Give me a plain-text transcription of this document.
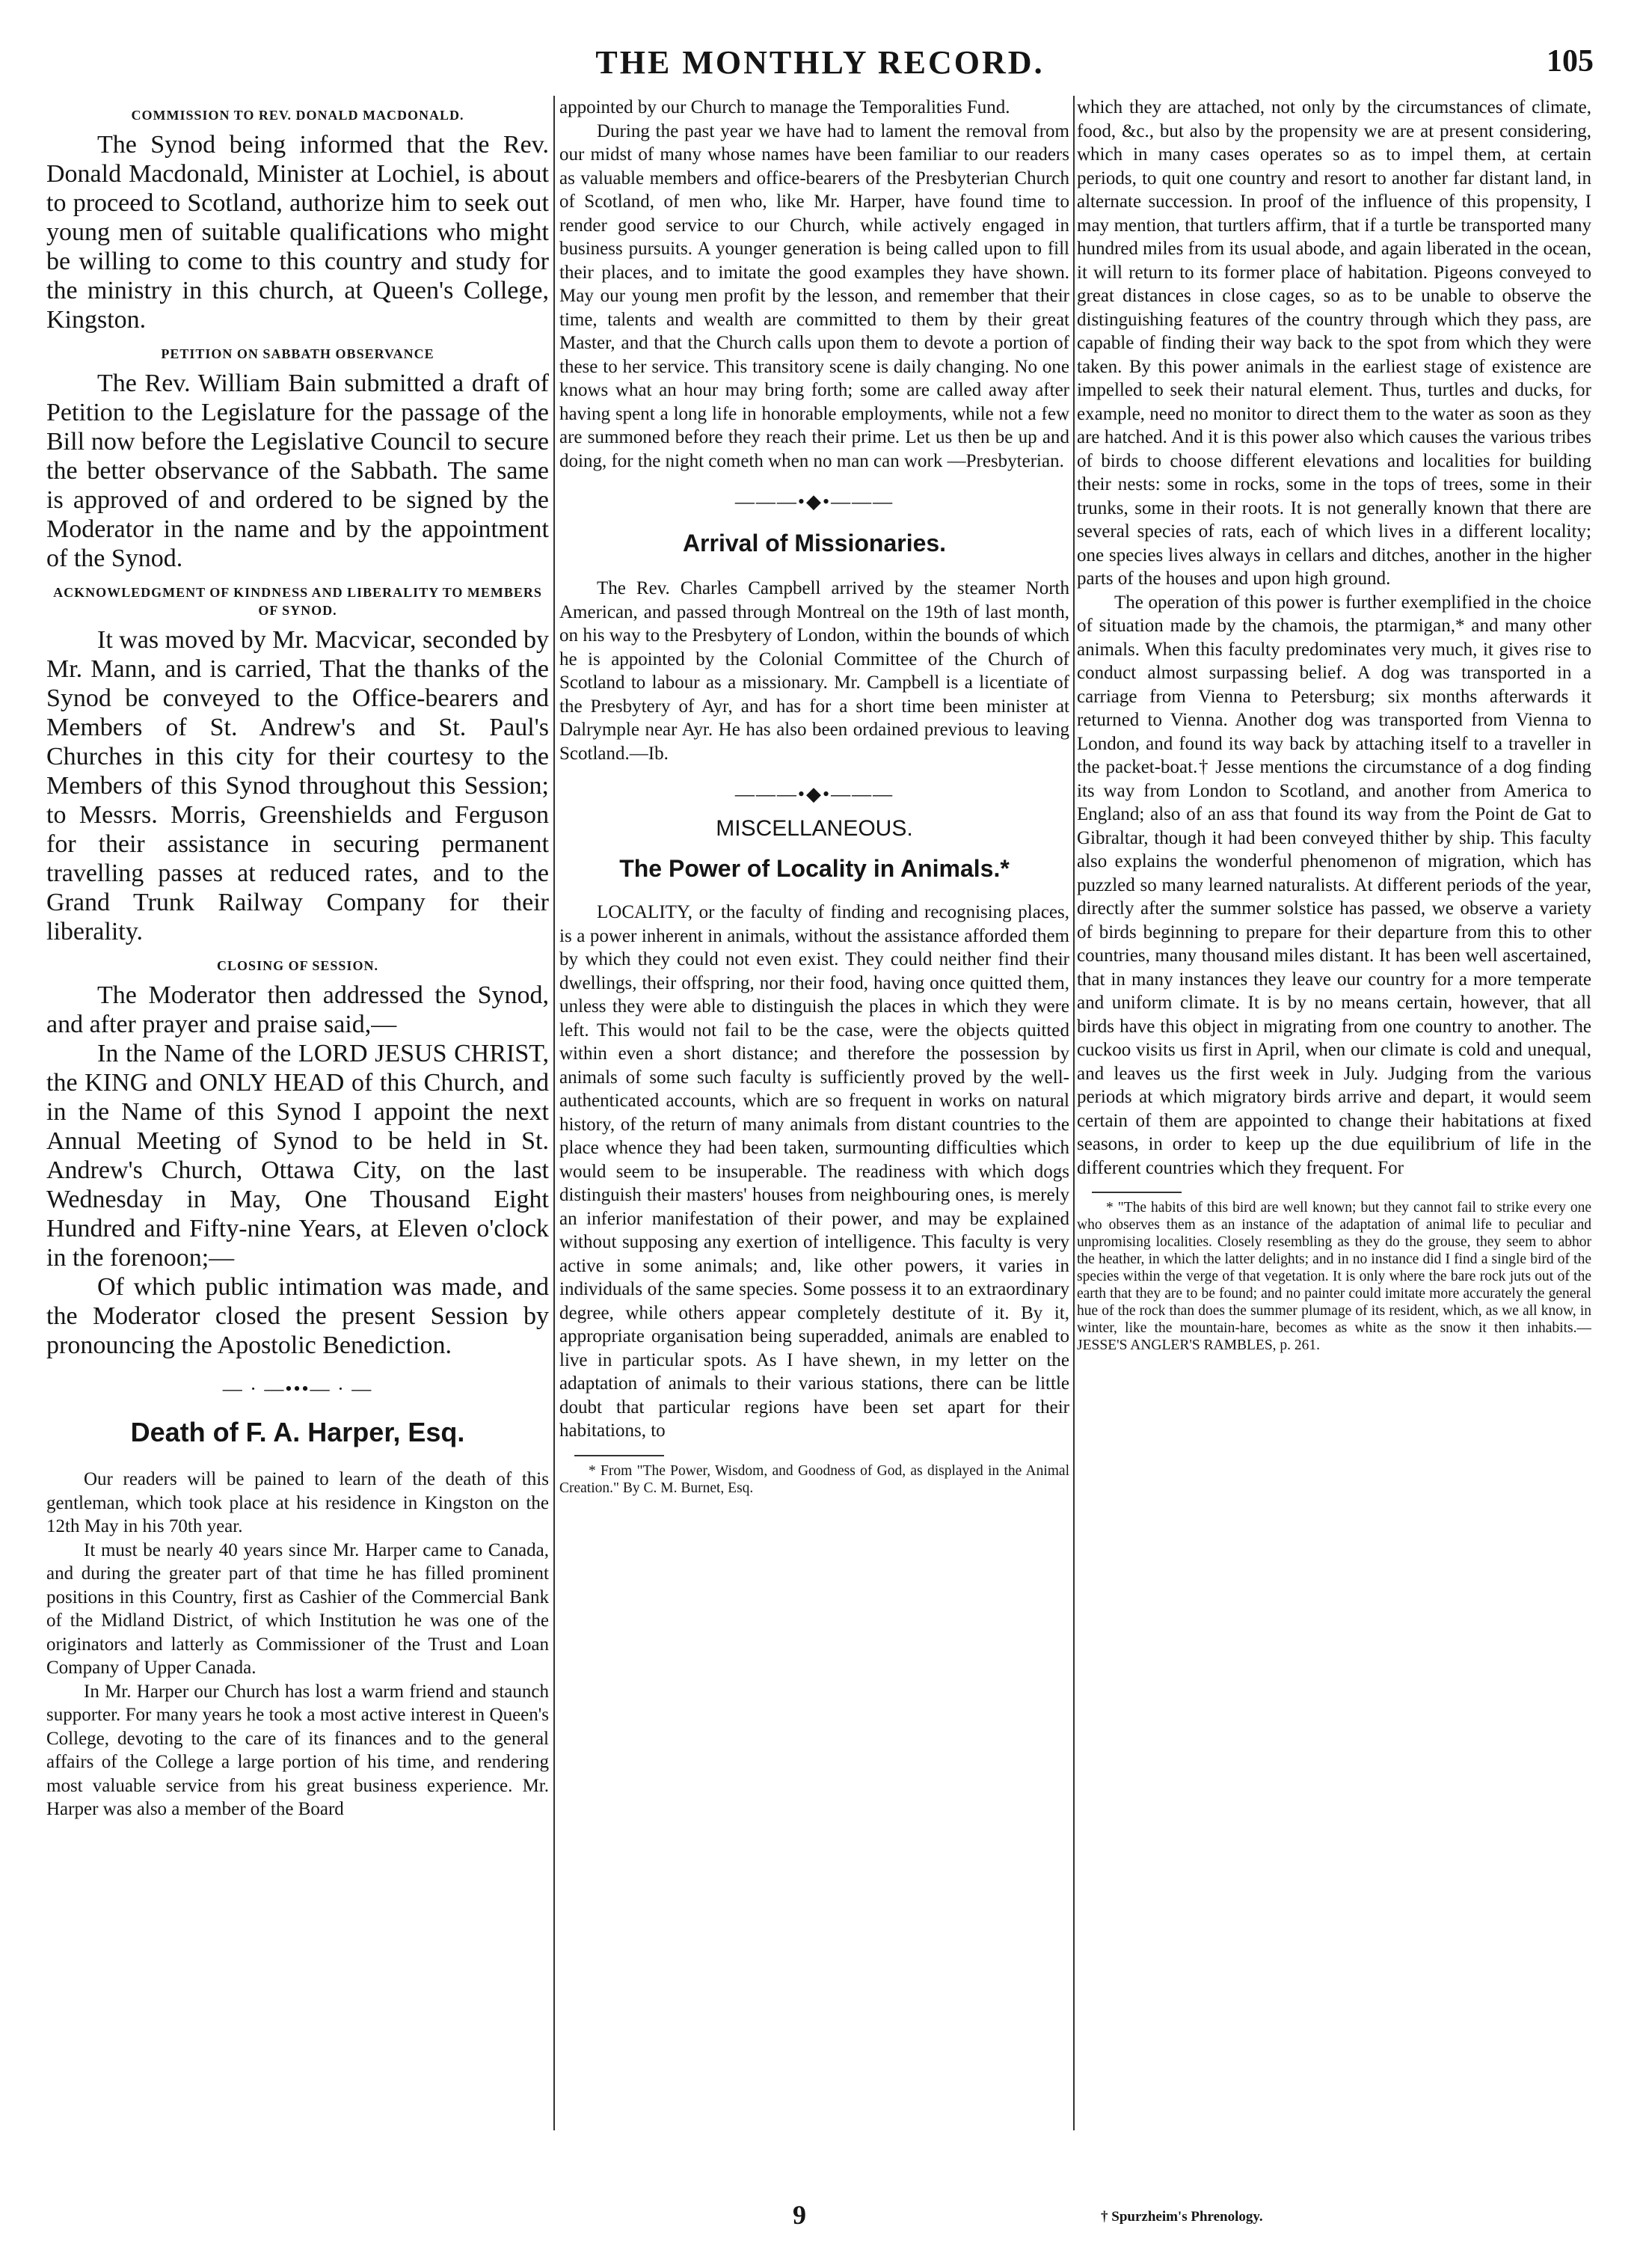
THE MONTHLY RECORD.	105
COMMISSION TO REV. DONALD MACDONALD.

The Synod being informed that the Rev. Donald Macdonald, Minister at Lochiel, is about to proceed to Scotland, authorize him to seek out young men of suitable qualifications who might be willing to come to this country and study for the ministry in this church, at Queen's College, Kingston.

PETITION ON SABBATH OBSERVANCE

The Rev. William Bain submitted a draft of Petition to the Legislature for the passage of the Bill now before the Legislative Council to secure the better observance of the Sabbath. The same is approved of and ordered to be signed by the Moderator in the name and by the appointment of the Synod.

ACKNOWLEDGMENT OF KINDNESS AND LIBERALITY TO MEMBERS OF SYNOD.

It was moved by Mr. Macvicar, seconded by Mr. Mann, and is carried, That the thanks of the Synod be conveyed to the Office-bearers and Members of St. Andrew's and St. Paul's Churches in this city for their courtesy to the Members of this Synod throughout this Session; to Messrs. Morris, Greenshields and Ferguson for their assistance in securing permanent travelling passes at reduced rates, and to the Grand Trunk Railway Company for their liberality.

CLOSING OF SESSION.

The Moderator then addressed the Synod, and after prayer and praise said,—

In the Name of the LORD JESUS CHRIST, the KING and ONLY HEAD of this Church, and in the Name of this Synod I appoint the next Annual Meeting of Synod to be held in St. Andrew's Church, Ottawa City, on the last Wednesday in May, One Thousand Eight Hundred and Fifty-nine Years, at Eleven o'clock in the forenoon;—

Of which public intimation was made, and the Moderator closed the present Session by pronouncing the Apostolic Benediction.

— · —•••— · —
Death of F. A. Harper, Esq.

Our readers will be pained to learn of the death of this gentleman, which took place at his residence in Kingston on the 12th May in his 70th year.

It must be nearly 40 years since Mr. Harper came to Canada, and during the greater part of that time he has filled prominent positions in this Country, first as Cashier of the Commercial Bank of the Midland District, of which Institution he was one of the originators and latterly as Commissioner of the Trust and Loan Company of Upper Canada.

In Mr. Harper our Church has lost a warm friend and staunch supporter. For many years he took a most active interest in Queen's College, devoting to the care of its finances and to the general affairs of the College a large portion of his time, and rendering most valuable service from his great business experience. Mr. Harper was also a member of the Board

appointed by our Church to manage the Temporalities Fund.

During the past year we have had to lament the removal from our midst of many whose names have been familiar to our readers as valuable members and office-bearers of the Presbyterian Church of Scotland, of men who, like Mr. Harper, have found time to render good service to our Church, while actively engaged in business pursuits. A younger generation is being called upon to fill their places, and to imitate the good examples they have shown. May our young men profit by the lesson, and remember that their time, talents and wealth are committed to them by their great Master, and that the Church calls upon them to devote a portion of these to her service. This transitory scene is daily changing. No one knows what an hour may bring forth; some are called away after having spent a long life in honorable employments, while not a few are summoned before they reach their prime. Let us then be up and doing, for the night cometh when no man can work —Presbyterian.

———•◆•———
Arrival of Missionaries.

The Rev. Charles Campbell arrived by the steamer North American, and passed through Montreal on the 19th of last month, on his way to the Presbytery of London, within the bounds of which he is appointed by the Colonial Committee of the Church of Scotland to labour as a missionary. Mr. Campbell is a licentiate of the Presbytery of Ayr, and has for a short time been minister at Dalrymple near Ayr. He has also been ordained previous to leaving Scotland.—Ib.

———•◆•———
MISCELLANEOUS.
The Power of Locality in Animals.*

LOCALITY, or the faculty of finding and recognising places, is a power inherent in animals, without the assistance afforded them by which they could not even exist. They could neither find their dwellings, their offspring, nor their food, having once quitted them, unless they were able to distinguish the places in which they were left. This would not fail to be the case, were the objects quitted within even a short distance; and therefore the possession by animals of some such faculty is sufficiently proved by the well-authenticated accounts, which are so frequent in works on natural history, of the return of many animals from distant countries to the place whence they had been taken, surmounting difficulties which would seem to be insuperable. The readiness with which dogs distinguish their masters' houses from neighbouring ones, is merely an inferior manifestation of their power, and may be explained without supposing any exertion of intelligence. This faculty is very active in some animals; and, like other powers, it varies in individuals of the same species. Some possess it to an extraordinary degree, while others appear completely destitute of it. By it, appropriate organisation being superadded, animals are enabled to live in particular spots. As I have shewn, in my letter on the adaptation of animals to their various stations, there can be little doubt that particular regions have been set apart for their habitations, to

* From "The Power, Wisdom, and Goodness of God, as displayed in the Animal Creation." By C. M. Burnet, Esq.

which they are attached, not only by the circumstances of climate, food, &c., but also by the propensity we are at present considering, which in many cases operates so as to impel them, at certain periods, to quit one country and resort to another far distant land, in alternate succession. In proof of the influence of this propensity, I may mention, that turtlers affirm, that if a turtle be transported many hundred miles from its usual abode, and again liberated in the ocean, it will return to its former place of habitation. Pigeons conveyed to great distances in close cages, so as to be unable to observe the distinguishing features of the country through which they pass, are capable of finding their way back to the spot from which they were taken. By this power animals in the earliest stage of existence are impelled to seek their natural element. Thus, turtles and ducks, for example, need no monitor to direct them to the water as soon as they are hatched. And it is this power also which causes the various tribes of birds to choose different elevations and localities for building their nests: some in rocks, some in the tops of trees, some in their trunks, some in their roots. It is not generally known that there are several species of rats, each of which lives in a different locality; one species lives always in cellars and ditches, another in the higher parts of the houses and upon high ground.

The operation of this power is further exemplified in the choice of situation made by the chamois, the ptarmigan,* and many other animals. When this faculty predominates very much, it gives rise to conduct almost surpassing belief. A dog was transported in a carriage from Vienna to Petersburg; six months afterwards it returned to Vienna. Another dog was transported from Vienna to London, and found its way back by attaching itself to a traveller in the packet-boat.† Jesse mentions the circumstance of a dog finding its way from London to Scotland, and another from America to England; also of an ass that found its way from the Point de Gat to Gibraltar, though it had been conveyed thither by ship. This faculty also explains the wonderful phenomenon of migration, which has puzzled so many learned naturalists. At different periods of the year, directly after the summer solstice has passed, we observe a variety of birds beginning to prepare for their departure from this to other countries, many thousand miles distant. It has been well ascertained, that in many instances they leave our country for a more temperate and uniform climate. It is by no means certain, however, that all birds have this object in migrating from one country to another. The cuckoo visits us first in April, when our climate is cold and unequal, and leaves us the first week in July. Judging from the various periods at which migratory birds arrive and depart, it would seem certain of them are appointed to change their habitations at fixed seasons, in order to keep up the due equilibrium of life in the different countries which they frequent. For

* "The habits of this bird are well known; but they cannot fail to strike every one who observes them as an instance of the adaptation of animal life to peculiar and unpromising localities. Closely resembling as they do the grouse, they seem to abhor the heather, in which the latter delights; and in no instance did I find a single bird of the species within the verge of that vegetation. It is only where the bare rock juts out of the earth that they are to be found; and no painter could imitate more accurately the general hue of the rock than does the summer plumage of its resident, which, as we all know, in winter, like the mountain-hare, becomes as white as the snow it then inhabits.—JESSE'S ANGLER'S RAMBLES, p. 261.

† Spurzheim's Phrenology.
9
